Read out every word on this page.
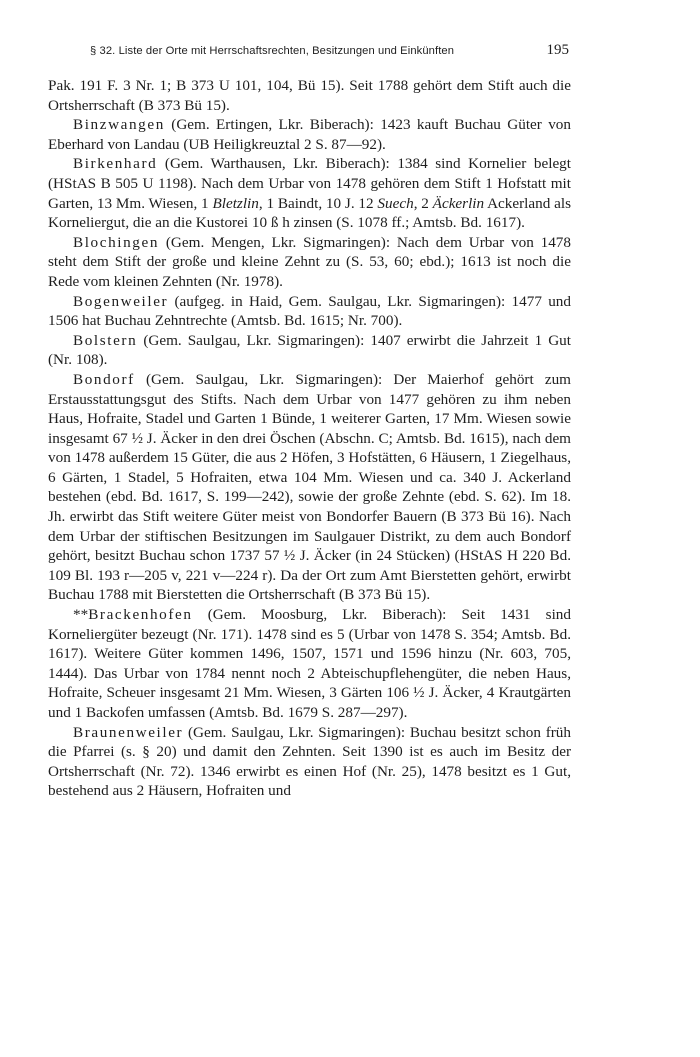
§ 32. Liste der Orte mit Herrschaftsrechten, Besitzungen und Einkünften	195

Pak. 191 F. 3 Nr. 1; B 373 U 101, 104, Bü 15). Seit 1788 gehört dem Stift auch die Ortsherrschaft (B 373 Bü 15).

Binzwangen (Gem. Ertingen, Lkr. Biberach): 1423 kauft Buchau Güter von Eberhard von Landau (UB Heiligkreuztal 2 S. 87—92).

Birkenhard (Gem. Warthausen, Lkr. Biberach): 1384 sind Kornelier belegt (HStAS B 505 U 1198). Nach dem Urbar von 1478 gehören dem Stift 1 Hofstatt mit Garten, 13 Mm. Wiesen, 1 Bletzlin, 1 Baindt, 10 J. 12 Suech, 2 Äckerlin Ackerland als Korneliergut, die an die Kustorei 10 ß h zinsen (S. 1078 ff.; Amtsb. Bd. 1617).

Blochingen (Gem. Mengen, Lkr. Sigmaringen): Nach dem Urbar von 1478 steht dem Stift der große und kleine Zehnt zu (S. 53, 60; ebd.); 1613 ist noch die Rede vom kleinen Zehnten (Nr. 1978).

Bogenweiler (aufgeg. in Haid, Gem. Saulgau, Lkr. Sigmaringen): 1477 und 1506 hat Buchau Zehntrechte (Amtsb. Bd. 1615; Nr. 700).

Bolstern (Gem. Saulgau, Lkr. Sigmaringen): 1407 erwirbt die Jahrzeit 1 Gut (Nr. 108).

Bondorf (Gem. Saulgau, Lkr. Sigmaringen): Der Maierhof gehört zum Erstausstattungsgut des Stifts. Nach dem Urbar von 1477 gehören zu ihm neben Haus, Hofraite, Stadel und Garten 1 Bünde, 1 weiterer Garten, 17 Mm. Wiesen sowie insgesamt 67 ½ J. Äcker in den drei Öschen (Abschn. C; Amtsb. Bd. 1615), nach dem von 1478 außerdem 15 Güter, die aus 2 Höfen, 3 Hofstätten, 6 Häusern, 1 Ziegelhaus, 6 Gärten, 1 Stadel, 5 Hofraiten, etwa 104 Mm. Wiesen und ca. 340 J. Ackerland bestehen (ebd. Bd. 1617, S. 199—242), sowie der große Zehnte (ebd. S. 62). Im 18. Jh. erwirbt das Stift weitere Güter meist von Bondorfer Bauern (B 373 Bü 16). Nach dem Urbar der stiftischen Besitzungen im Saulgauer Distrikt, zu dem auch Bondorf gehört, besitzt Buchau schon 1737 57 ½ J. Äcker (in 24 Stücken) (HStAS H 220 Bd. 109 Bl. 193 r—205 v, 221 v—224 r). Da der Ort zum Amt Bierstetten gehört, erwirbt Buchau 1788 mit Bierstetten die Ortsherrschaft (B 373 Bü 15).

**Brackenhofen (Gem. Moosburg, Lkr. Biberach): Seit 1431 sind Korneliergüter bezeugt (Nr. 171). 1478 sind es 5 (Urbar von 1478 S. 354; Amtsb. Bd. 1617). Weitere Güter kommen 1496, 1507, 1571 und 1596 hinzu (Nr. 603, 705, 1444). Das Urbar von 1784 nennt noch 2 Abteischupflehengüter, die neben Haus, Hofraite, Scheuer insgesamt 21 Mm. Wiesen, 3 Gärten 106 ½ J. Äcker, 4 Krautgärten und 1 Backofen umfassen (Amtsb. Bd. 1679 S. 287—297).

Braunenweiler (Gem. Saulgau, Lkr. Sigmaringen): Buchau besitzt schon früh die Pfarrei (s. § 20) und damit den Zehnten. Seit 1390 ist es auch im Besitz der Ortsherrschaft (Nr. 72). 1346 erwirbt es einen Hof (Nr. 25), 1478 besitzt es 1 Gut, bestehend aus 2 Häusern, Hofraiten und
